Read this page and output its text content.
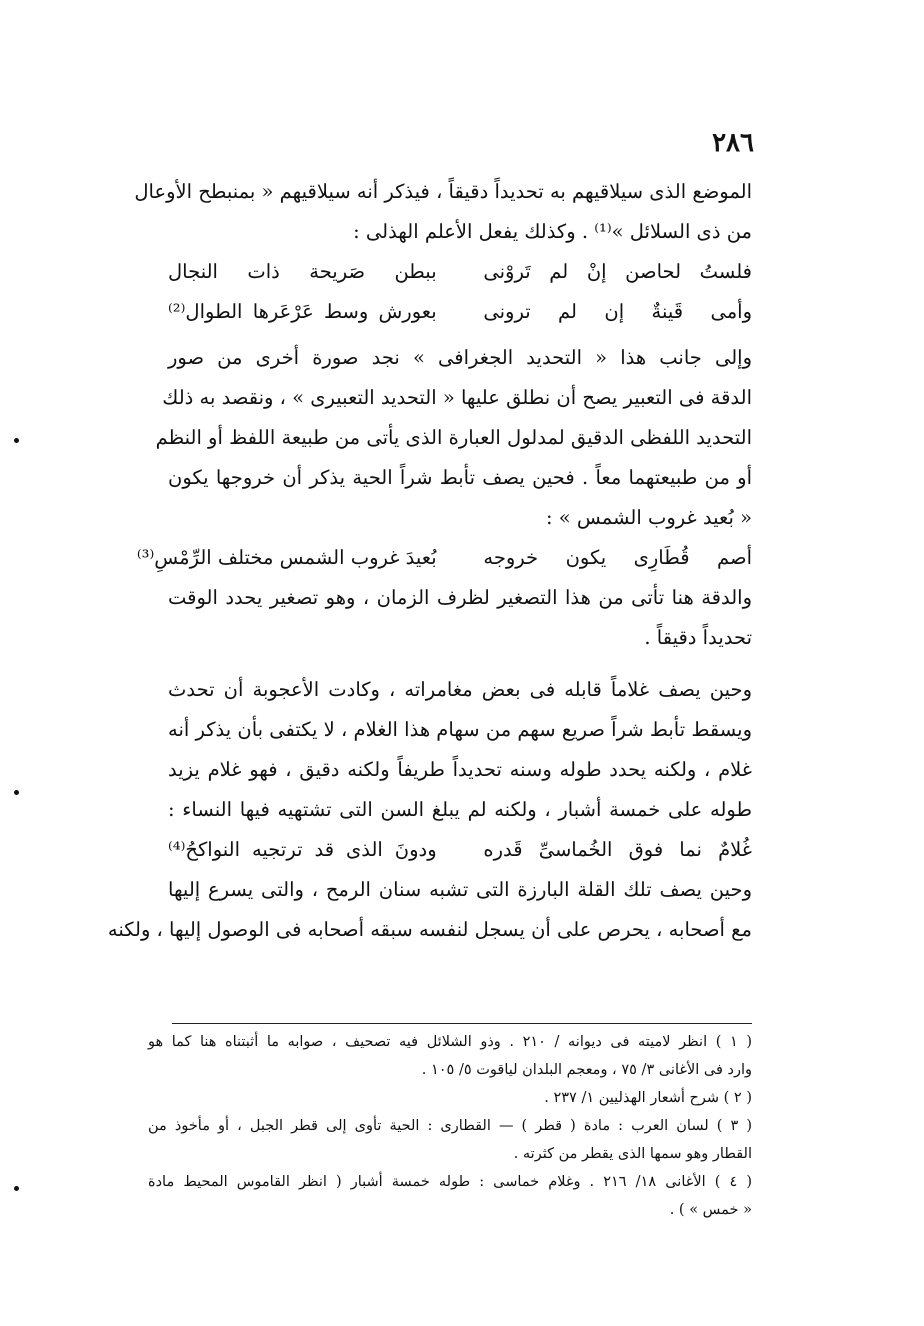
٢٨٦
الموضع الذى سيلاقيهم به تحديداً دقيقاً ، فيذكر أنه سيلاقيهم « بمنبطح الأوعال
من ذى السلائل »⁽¹⁾ . وكذلك يفعل الأعلم الهذلى :
فلستُ لحاصن إنْ لم تَروْنى
ببطن صَريحة ذات النجال
وأمى قَينةٌ إن لم ترونى
بعورش وسط عَرْعَرها الطوال⁽²⁾
وإلى جانب هذا « التحديد الجغرافى » نجد صورة أخرى من صور
الدقة فى التعبير يصح أن نطلق عليها « التحديد التعبيرى » ، ونقصد به ذلك
التحديد اللفظى الدقيق لمدلول العبارة الذى يأتى من طبيعة اللفظ أو النظم
أو من طبيعتهما معاً . فحين يصف تأبط شراً الحية يذكر أن خروجها يكون
« بُعيد غروب الشمس » :
أصم قُطَارِى يكون خروجه
بُعيدَ غروب الشمس مختلف الرِّمْسِ⁽³⁾
والدقة هنا تأتى من هذا التصغير لظرف الزمان ، وهو تصغير يحدد الوقت
تحديداً دقيقاً .
وحين يصف غلاماً قابله فى بعض مغامراته ، وكادت الأعجوبة أن تحدث
ويسقط تأبط شراً صريع سهم من سهام هذا الغلام ، لا يكتفى بأن يذكر أنه
غلام ، ولكنه يحدد طوله وسنه تحديداً طريفاً ولكنه دقيق ، فهو غلام يزيد
طوله على خمسة أشبار ، ولكنه لم يبلغ السن التى تشتهيه فيها النساء :
غُلامٌ نما فوق الخُماسىِّ قَدره
ودونَ الذى قد ترتجيه النواكحُ⁽⁴⁾
وحين يصف تلك القلة البارزة التى تشبه سنان الرمح ، والتى يسرع إليها
مع أصحابه ، يحرص على أن يسجل لنفسه سبقه أصحابه فى الوصول إليها ، ولكنه
( ١ ) انظر لاميته فى ديوانه / ٢١٠ . وذو الشلائل فيه تصحيف ، صوابه ما أثبتناه هنا كما هو
وارد فى الأغانى ٣/ ٧٥ ، ومعجم البلدان لياقوت ٥/ ١٠٥ .
( ٢ ) شرح أشعار الهذليين ١/ ٢٣٧ .
( ٣ ) لسان العرب : مادة ( قطر ) — القطارى : الحية تأوى إلى قطر الجبل ، أو مأخوذ من
القطار وهو سمها الذى يقطر من كثرته .
( ٤ ) الأغانى ١٨/ ٢١٦ . وغلام خماسى : طوله خمسة أشبار ( انظر القاموس المحيط مادة
« خمس » ) .
